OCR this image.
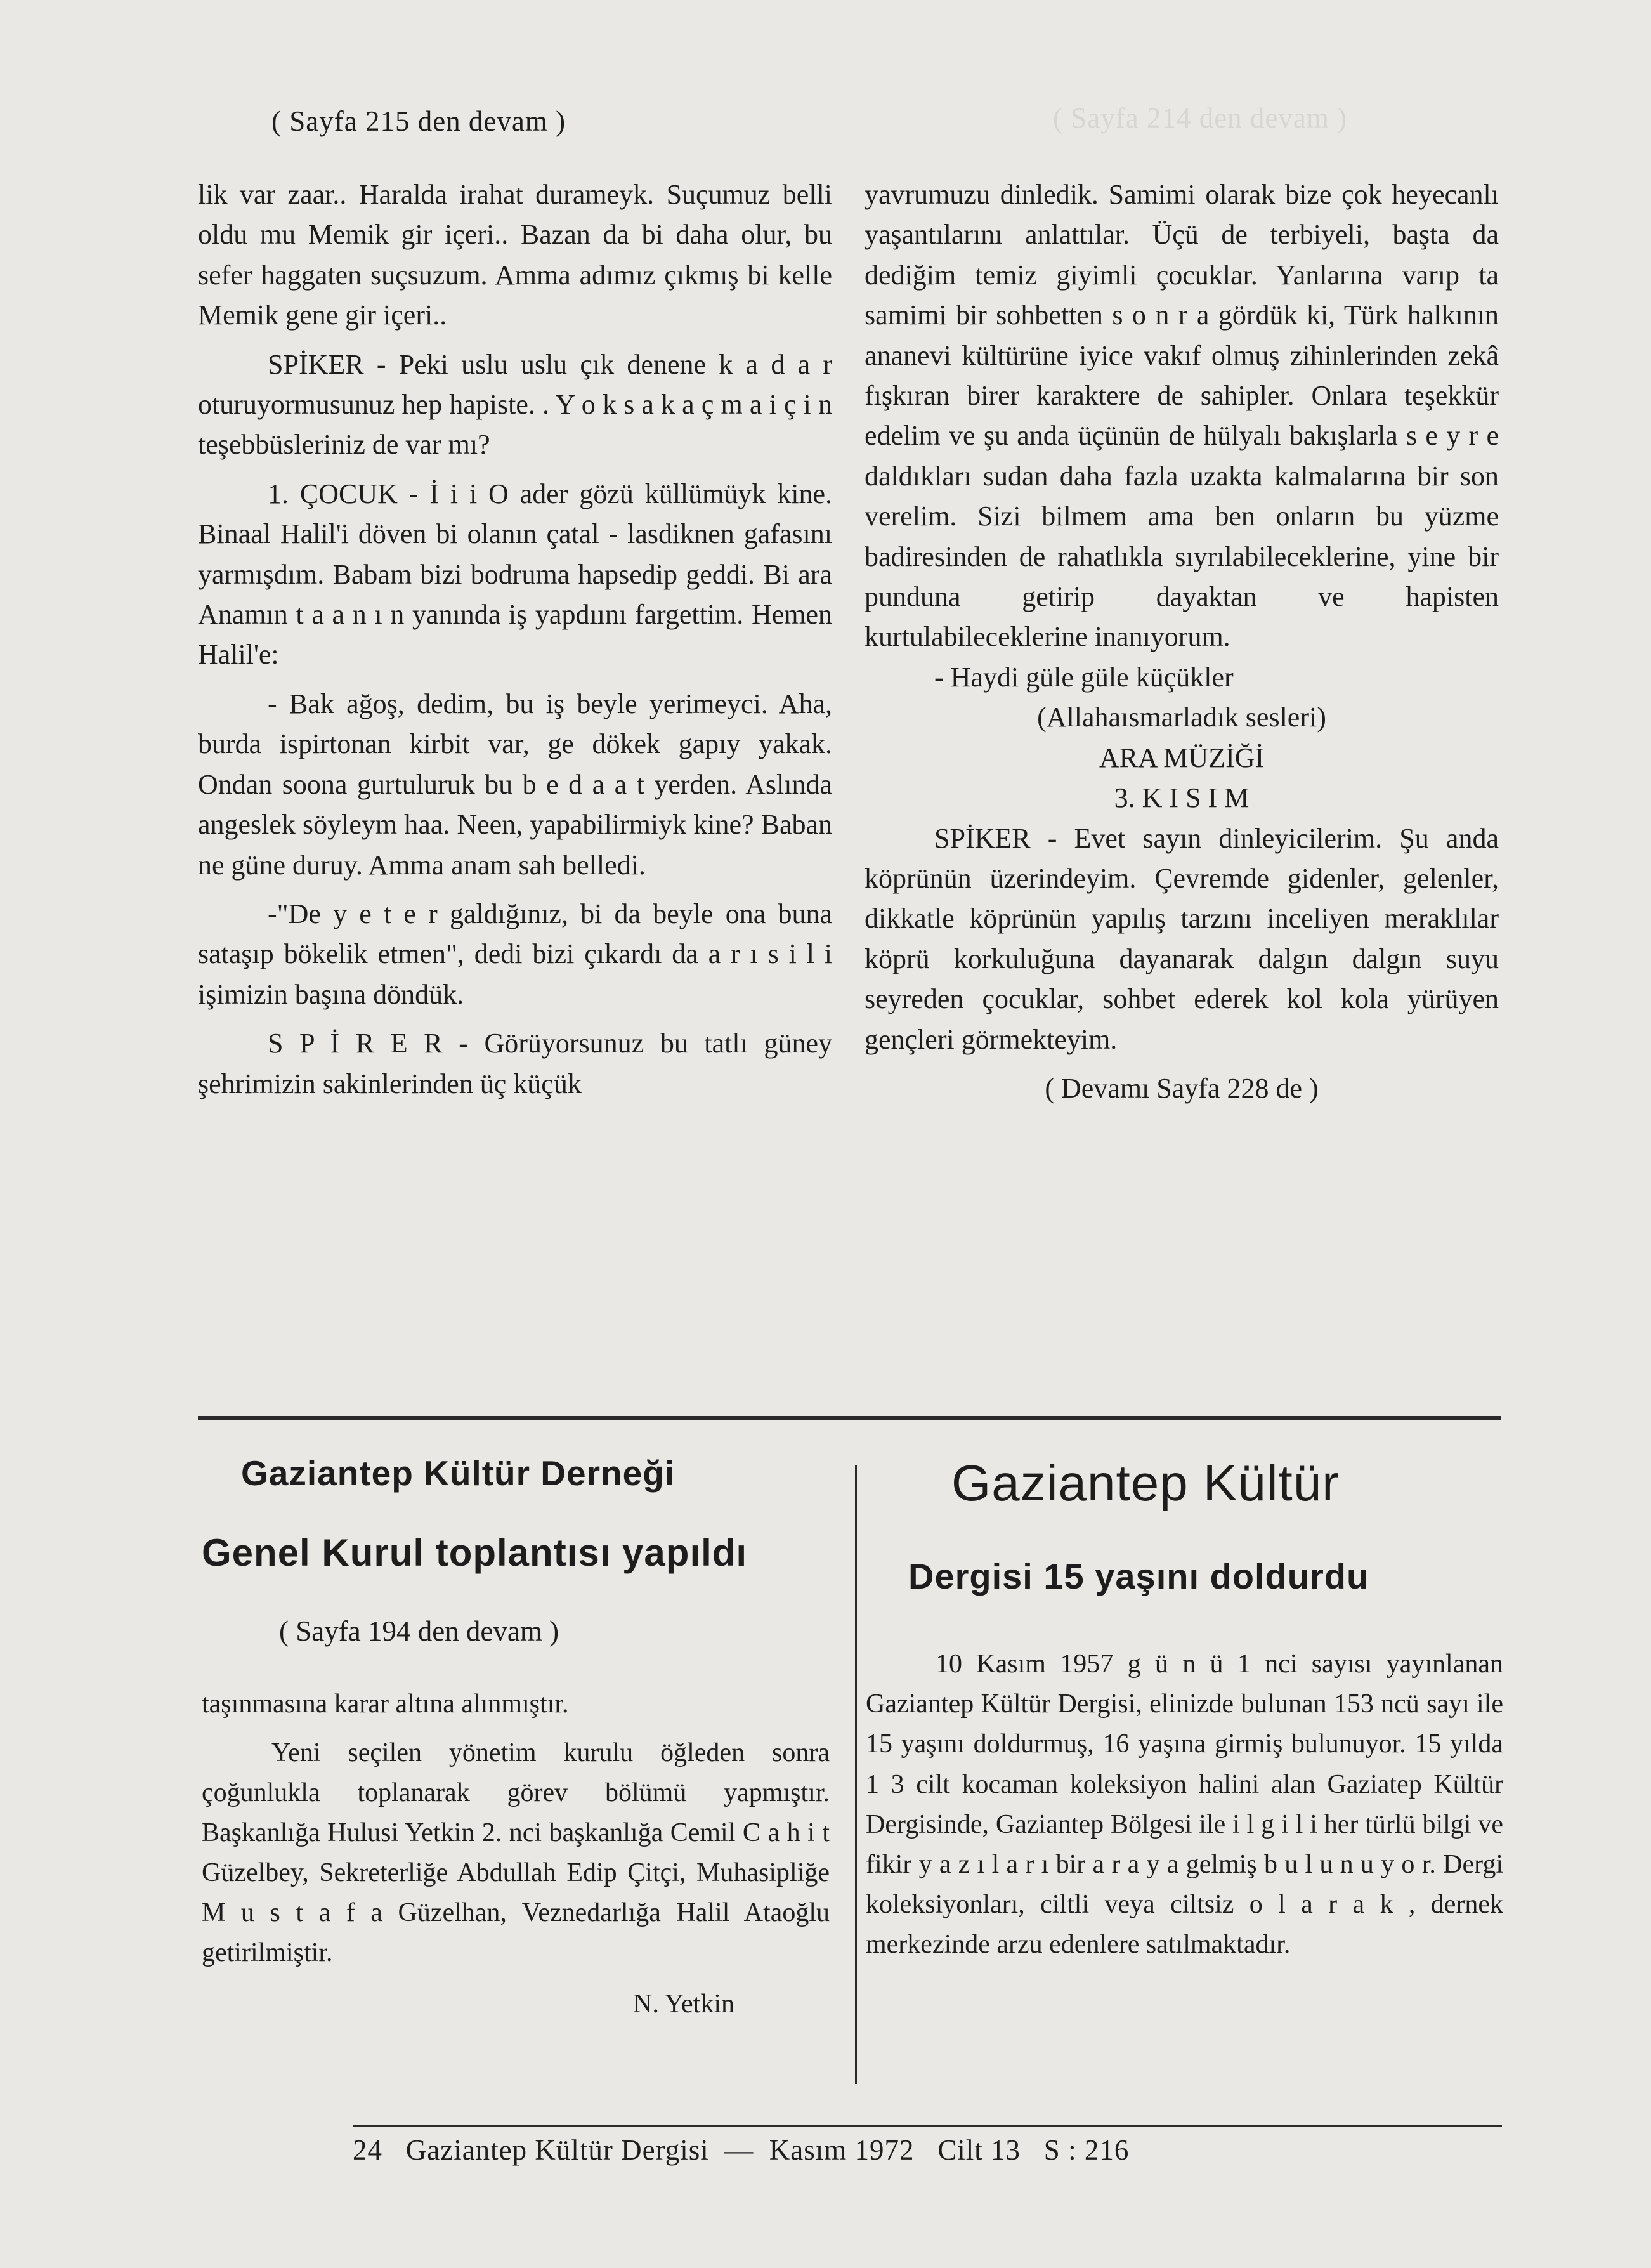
( Sayfa 215 den devam )	( Sayfa 214 den devam )

lik var zaar.. Haralda irahat durameyk. Suçumuz belli oldu mu Memik gir içeri.. Bazan da bi daha olur, bu sefer haggaten suçsuzum. Amma adımız çıkmış bi kelle Memik gene gir içeri..

SPİKER - Peki uslu uslu çık denene k a d a r oturuyormusunuz hep hapiste. . Y o k s a k a ç m a i ç i n teşebbüsleriniz de var mı?

1. ÇOCUK - İ i i O ader gözü küllümüyk kine. Binaal Halil'i döven bi olanın çatal - lasdiknen gafasını yarmışdım. Babam bizi bodruma hapsedip geddi. Bi ara Anamın t a a n ı n yanında iş yapdıını fargettim. Hemen Halil'e:

- Bak ağoş, dedim, bu iş beyle yerimeyci. Aha, burda ispirtonan kirbit var, ge dökek gapıy yakak. Ondan soona gurtuluruk bu b e d a a t yerden. Aslında angeslek söyleym haa. Neen, yapabilirmiyk kine? Baban ne güne duruy. Amma anam sah belledi.

-"De y e t e r galdığınız, bi da beyle ona buna sataşıp bökelik etmen", dedi bizi çıkardı da a r ı s i l i işimizin başına döndük.

S P İ R E R - Görüyorsunuz bu tatlı güney şehrimizin sakinlerinden üç küçük

yavrumuzu dinledik. Samimi olarak bize çok heyecanlı yaşantılarını anlattılar. Üçü de terbiyeli, başta da dediğim temiz giyimli çocuklar. Yanlarına varıp ta samimi bir sohbetten s o n r a gördük ki, Türk halkının ananevi kültürüne iyice vakıf olmuş zihinlerinden zekâ fışkıran birer karaktere de sahipler. Onlara teşekkür edelim ve şu anda üçünün de hülyalı bakışlarla s e y r e daldıkları sudan daha fazla uzakta kalmalarına bir son verelim. Sizi bilmem ama ben onların bu yüzme badiresinden de rahatlıkla sıyrılabileceklerine, yine bir punduna getirip dayaktan ve hapisten kurtulabileceklerine inanıyorum.

- Haydi güle güle küçükler

(Allahaısmarladık sesleri)

ARA MÜZİĞİ

3. K I S I M

SPİKER - Evet sayın dinleyicilerim. Şu anda köprünün üzerindeyim. Çevremde gidenler, gelenler, dikkatle köprünün yapılış tarzını inceliyen meraklılar köprü korkuluğuna dayanarak dalgın dalgın suyu seyreden çocuklar, sohbet ederek kol kola yürüyen gençleri görmekteyim.

( Devamı Sayfa 228 de )

Gaziantep Kültür Derneği
Genel Kurul toplantısı yapıldı
( Sayfa 194 den devam )

taşınmasına karar altına alınmıştır.

Yeni seçilen yönetim kurulu öğleden sonra çoğunlukla toplanarak görev bölümü yapmıştır. Başkanlığa Hulusi Yetkin 2. nci başkanlığa Cemil C a h i t Güzelbey, Sekreterliğe Abdullah Edip Çitçi, Muhasipliğe M u s t a f a Güzelhan, Veznedarlığa Halil Ataoğlu getirilmiştir.

N. Yetkin

Gaziantep Kültür
Dergisi 15 yaşını doldurdu

10 Kasım 1957 g ü n ü 1 nci sayısı yayınlanan Gaziantep Kültür Dergisi, elinizde bulunan 153 ncü sayı ile 15 yaşını doldurmuş, 16 yaşına girmiş bulunuyor. 15 yılda 1 3 cilt kocaman koleksiyon halini alan Gaziatep Kültür Dergisinde, Gaziantep Bölgesi ile i l g i l i her türlü bilgi ve fikir y a z ı l a r ı bir a r a y a gelmiş b u l u n u y o r. Dergi koleksiyonları, ciltli veya ciltsiz o l a r a k , dernek merkezinde arzu edenlere satılmaktadır.

24   Gaziantep Kültür Dergisi  —  Kasım 1972   Cilt 13   S : 216
